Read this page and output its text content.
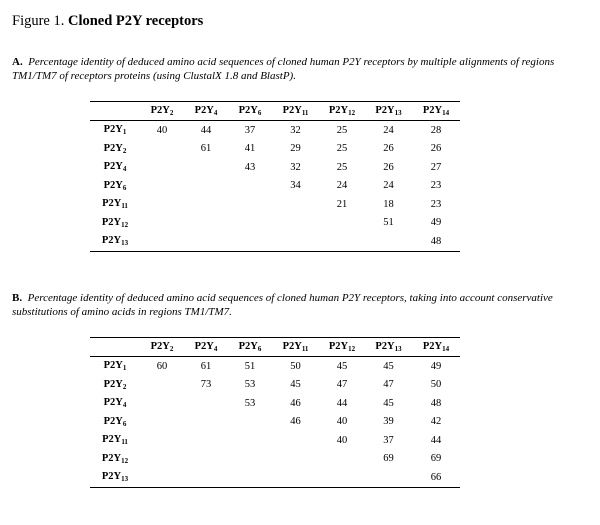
Figure 1. Cloned P2Y receptors
A. Percentage identity of deduced amino acid sequences of cloned human P2Y receptors by multiple alignments of regions TM1/TM7 of receptors proteins (using ClustalX 1.8 and BlastP).
	$P2Y_2$	$P2Y_4$	$P2Y_6$	$P2Y_{11}$	$P2Y_{12}$	$P2Y_{13}$	$P2Y_{14}$
$P2Y_1$	40	44	37	32	25	24	28
$P2Y_2$		61	41	29	25	26	26
$P2Y_4$			43	32	25	26	27
$P2Y_6$				34	24	24	23
$P2Y_{11}$					21	18	23
$P2Y_{12}$						51	49
$P2Y_{13}$							48
B. Percentage identity of deduced amino acid sequences of cloned human P2Y receptors, taking into account conservative substitutions of amino acids in regions TM1/TM7.
	$P2Y_2$	$P2Y_4$	$P2Y_6$	$P2Y_{11}$	$P2Y_{12}$	$P2Y_{13}$	$P2Y_{14}$
$P2Y_1$	60	61	51	50	45	45	49
$P2Y_2$		73	53	45	47	47	50
$P2Y_4$			53	46	44	45	48
$P2Y_6$				46	40	39	42
$P2Y_{11}$					40	37	44
$P2Y_{12}$						69	69
$P2Y_{13}$							66
